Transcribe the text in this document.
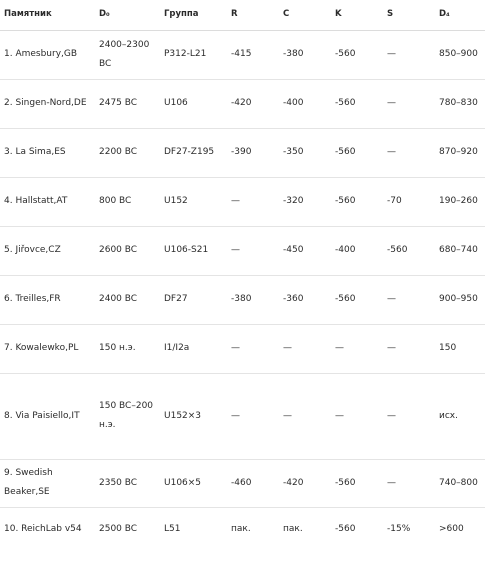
Памятник	D₀	Группа	R	C	K	S	D₄
1. Amesbury,GB	2400–2300 BC	P312-L21	-415	-380	-560	—	850–900
2. Singen-Nord,DE	2475 BC	U106	-420	-400	-560	—	780–830
3. La Sima,ES	2200 BC	DF27-Z195	-390	-350	-560	—	870–920
4. Hallstatt,AT	800 BC	U152	—	-320	-560	-70	190–260
5. Jiřovce,CZ	2600 BC	U106-S21	—	-450	-400	-560	680–740
6. Treilles,FR	2400 BC	DF27	-380	-360	-560	—	900–950
7. Kowalewko,PL	150 н.э.	I1/I2a	—	—	—	—	150
8. Via Paisiello,IT	150 BC–200 н.э.	U152×3	—	—	—	—	исх.
9. Swedish Beaker,SE	2350 BC	U106×5	-460	-420	-560	—	740–800
10. ReichLab v54	2500 BC	L51	пак.	пак.	-560	-15%	>600
